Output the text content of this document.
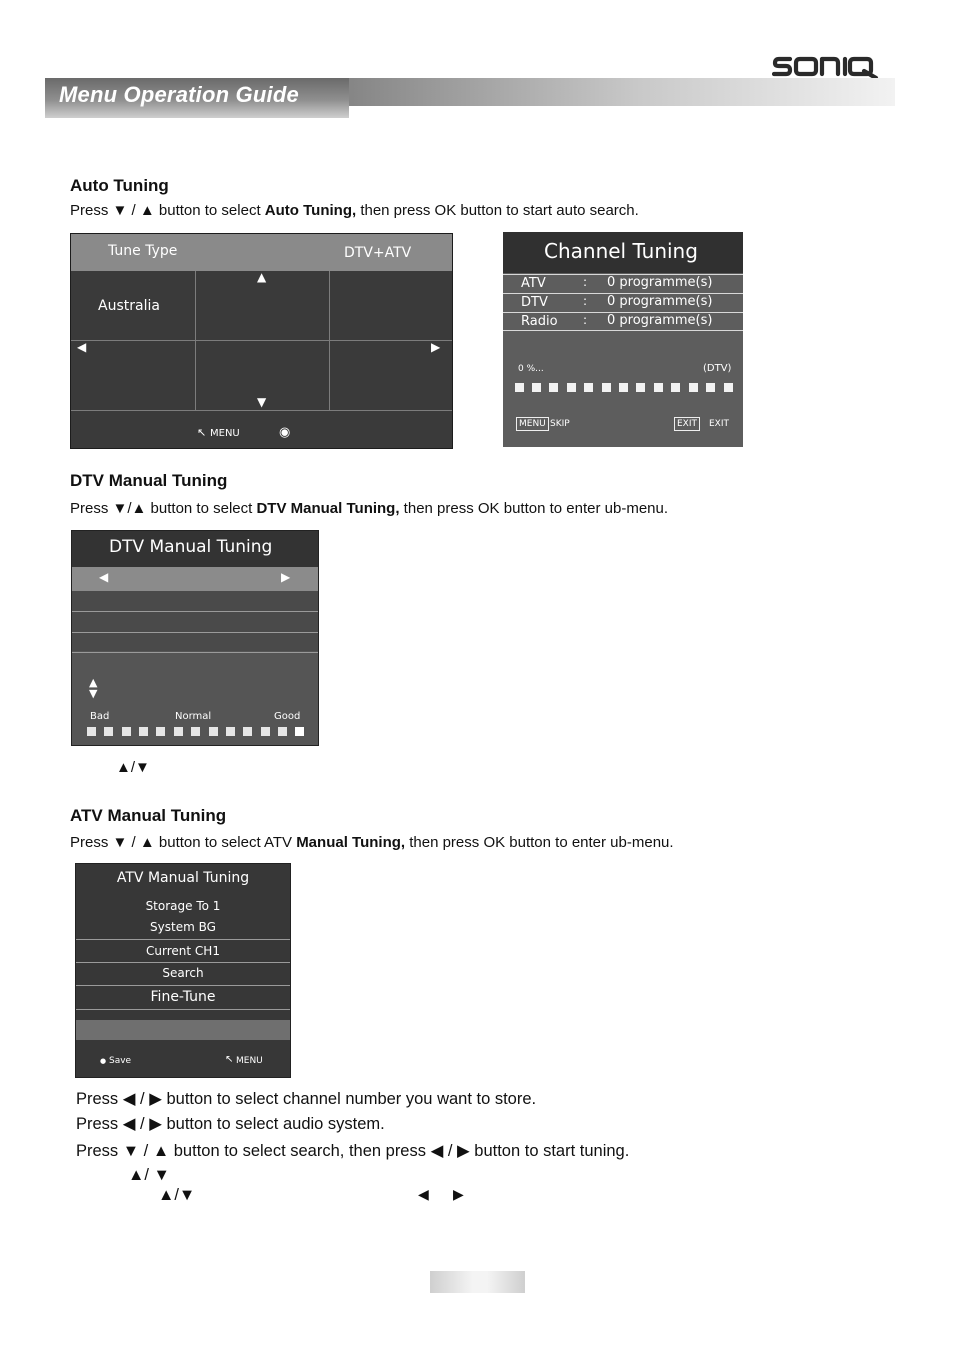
Menu Operation Guide
Auto Tuning
Press ▼ / ▲ button to select Auto Tuning, then press OK button to start auto search.
Tune Type	DTV+ATV
Australia
▲
▼
◀	▶
↖ MENU	◉
Channel Tuning
ATV	: 0 programme(s)
DTV	: 0 programme(s)
Radio : 0 programme(s)
0 %...	(DTV)
MENU SKIP	EXIT	EXIT
DTV Manual Tuning
Press ▼/▲ button to select DTV Manual Tuning, then press OK button to enter ub-menu.
DTV Manual Tuning
◀	▶
▲
▼
Bad	Normal	Good
▲/▼
ATV Manual Tuning
Press ▼ / ▲ button to select ATV Manual Tuning, then press OK button to enter ub-menu.
ATV Manual Tuning
Storage To 1
System BG
Current CH1
Search
Fine-Tune
● Save	↖ MENU
Press ◀ / ▶ button to select channel number you want to store.
Press ◀ / ▶ button to select audio system.
Press ▼ / ▲ button to select search, then press ◀ / ▶ button to start tuning.
▲/ ▼
▲/▼	◀ ▶
